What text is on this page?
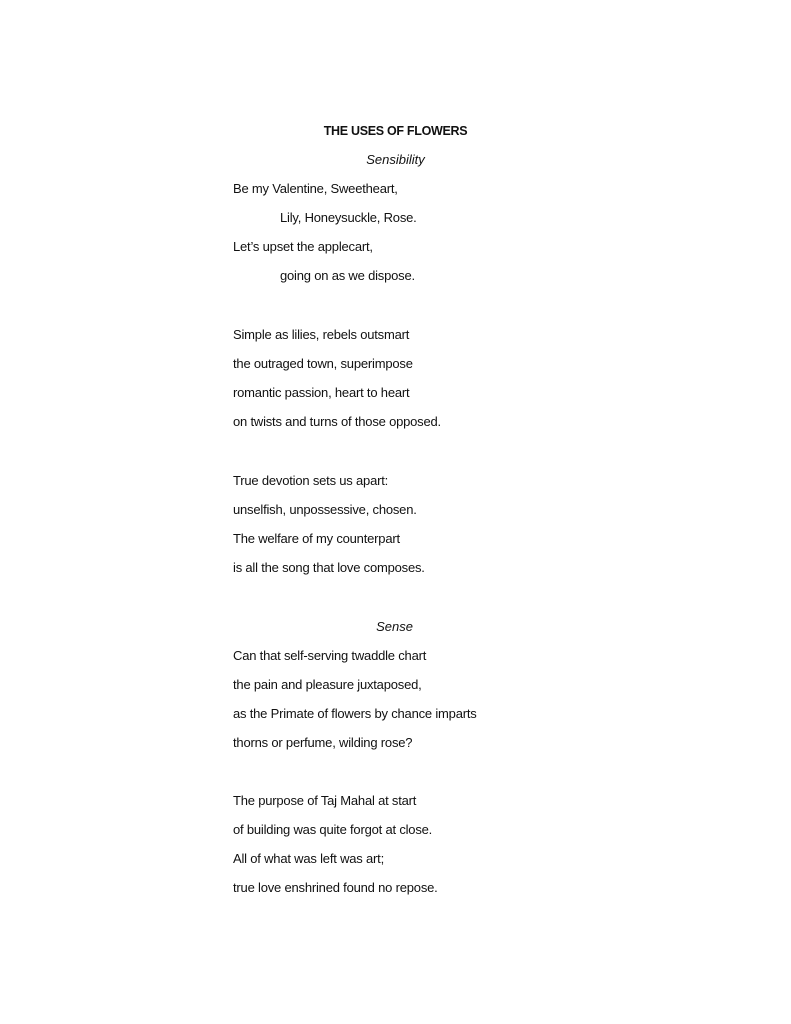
THE USES OF FLOWERS
Sensibility
Be my Valentine, Sweetheart,
Lily, Honeysuckle, Rose.
Let’s upset the applecart,
going on as we dispose.
Simple as lilies, rebels outsmart
the outraged town, superimpose
romantic passion, heart to heart
on twists and turns of those opposed.
True devotion sets us apart:
unselfish, unpossessive, chosen.
The welfare of my counterpart
is all the song that love composes.
Sense
Can that self-serving twaddle chart
the pain and pleasure juxtaposed,
as the Primate of flowers by chance imparts
thorns or perfume, wilding rose?
The purpose of Taj Mahal at start
of building was quite forgot at close.
All of what was left was art;
true love enshrined found no repose.
